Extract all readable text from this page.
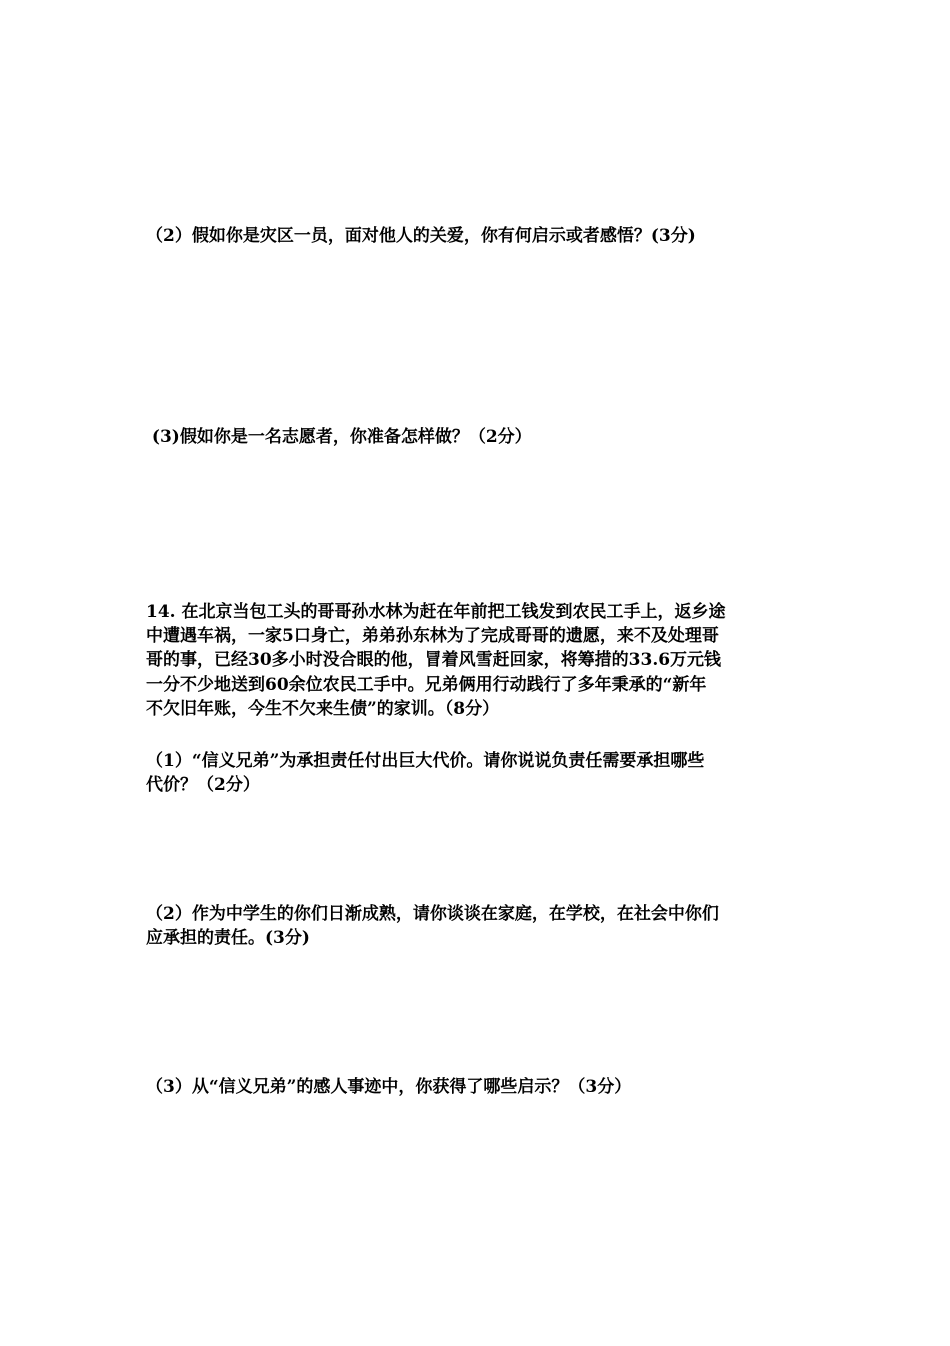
（2）假如你是灾区一员，面对他人的关爱，你有何启示或者感悟？(3分)

(3)假如你是一名志愿者，你准备怎样做？（2分）

14. 在北京当包工头的哥哥孙水林为赶在年前把工钱发到农民工手上，返乡途
中遭遇车祸，一家5口身亡，弟弟孙东林为了完成哥哥的遗愿，来不及处理哥
哥的事，已经30多小时没合眼的他，冒着风雪赶回家，将筹措的33.6万元钱
一分不少地送到60余位农民工手中。兄弟俩用行动践行了多年秉承的“新年
不欠旧年账，今生不欠来生债”的家训。（8分）
（1）“信义兄弟”为承担责任付出巨大代价。请你说说负责任需要承担哪些
代价？（2分）
（2）作为中学生的你们日渐成熟，请你谈谈在家庭，在学校，在社会中你们
应承担的责任。(3分)

（3）从“信义兄弟”的感人事迹中，你获得了哪些启示？（3分）
